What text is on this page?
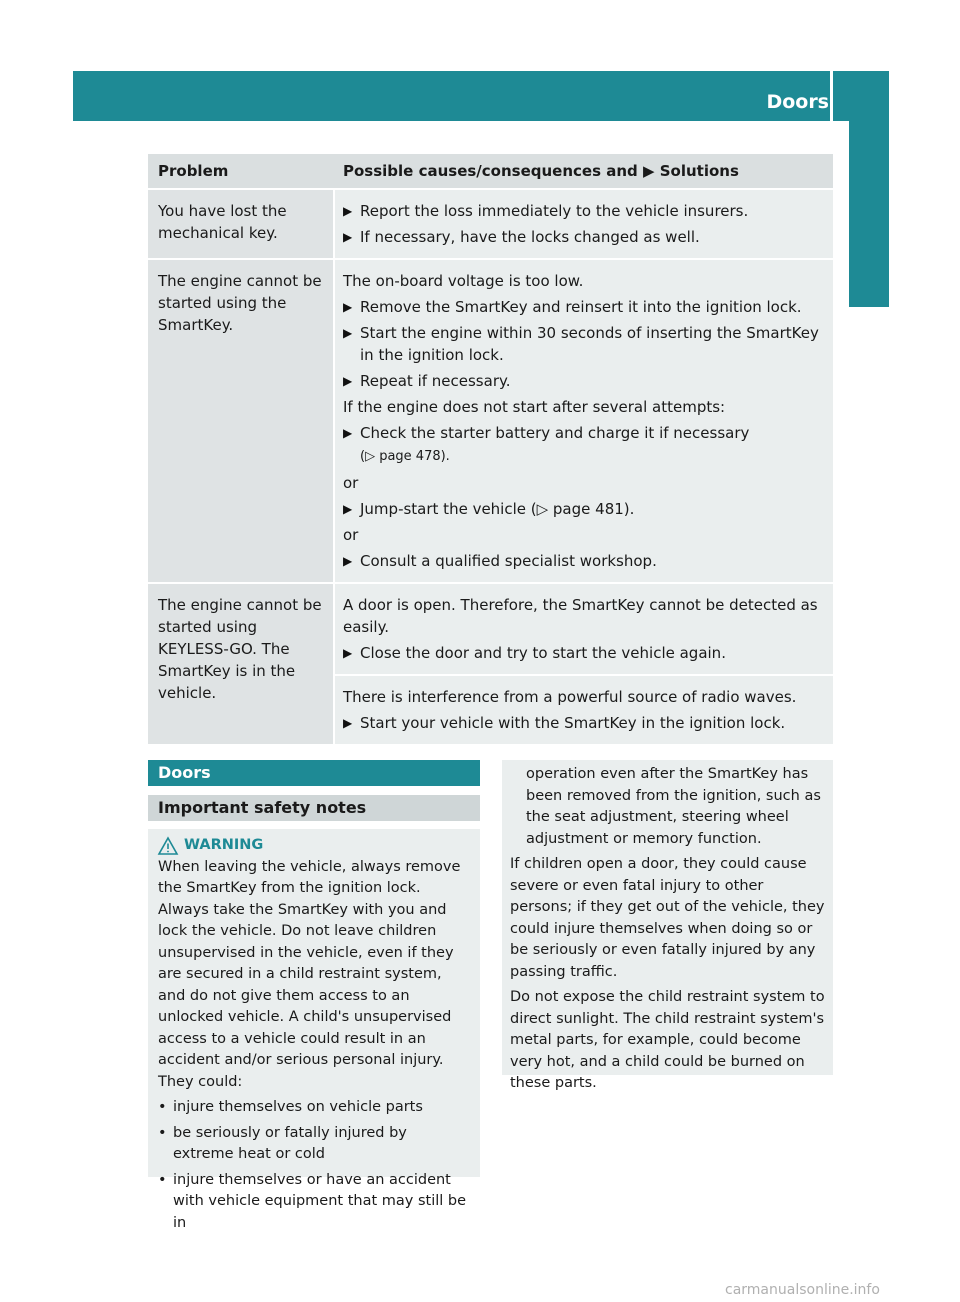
Doors
Problem	Possible causes/consequences and ▶ Solutions
You have lost the mechanical key.
▶ Report the loss immediately to the vehicle insurers.
▶ If necessary, have the locks changed as well.
The engine cannot be started using the SmartKey.

The on-board voltage is too low.

▶ Remove the SmartKey and reinsert it into the ignition lock.
▶ Start the engine within 30 seconds of inserting the SmartKey in the ignition lock.
▶ Repeat if necessary.

If the engine does not start after several attempts:

▶ Check the starter battery and charge it if necessary
(▷ page 478).

or

▶ Jump-start the vehicle (▷ page 481).

or

▶ Consult a qualified specialist workshop.
The engine cannot be started using KEYLESS-GO. The SmartKey is in the vehicle.

A door is open. Therefore, the SmartKey cannot be detected as easily.

▶ Close the door and try to start the vehicle again.

There is interference from a powerful source of radio waves.

▶ Start your vehicle with the SmartKey in the ignition lock.
Doors
Important safety notes
WARNING

When leaving the vehicle, always remove the SmartKey from the ignition lock. Always take the SmartKey with you and lock the vehicle. Do not leave children unsupervised in the vehicle, even if they are secured in a child restraint system, and do not give them access to an unlocked vehicle. A child's unsupervised access to a vehicle could result in an accident and/or serious personal injury. They could:

• injure themselves on vehicle parts
• be seriously or fatally injured by extreme heat or cold
• injure themselves or have an accident with vehicle equipment that may still be in

operation even after the SmartKey has been removed from the ignition, such as the seat adjustment, steering wheel adjustment or memory function.

If children open a door, they could cause severe or even fatal injury to other persons; if they get out of the vehicle, they could injure themselves when doing so or be seriously or even fatally injured by any passing traffic.

Do not expose the child restraint system to direct sunlight. The child restraint system's metal parts, for example, could become very hot, and a child could be burned on these parts.

carmanualsonline.info
